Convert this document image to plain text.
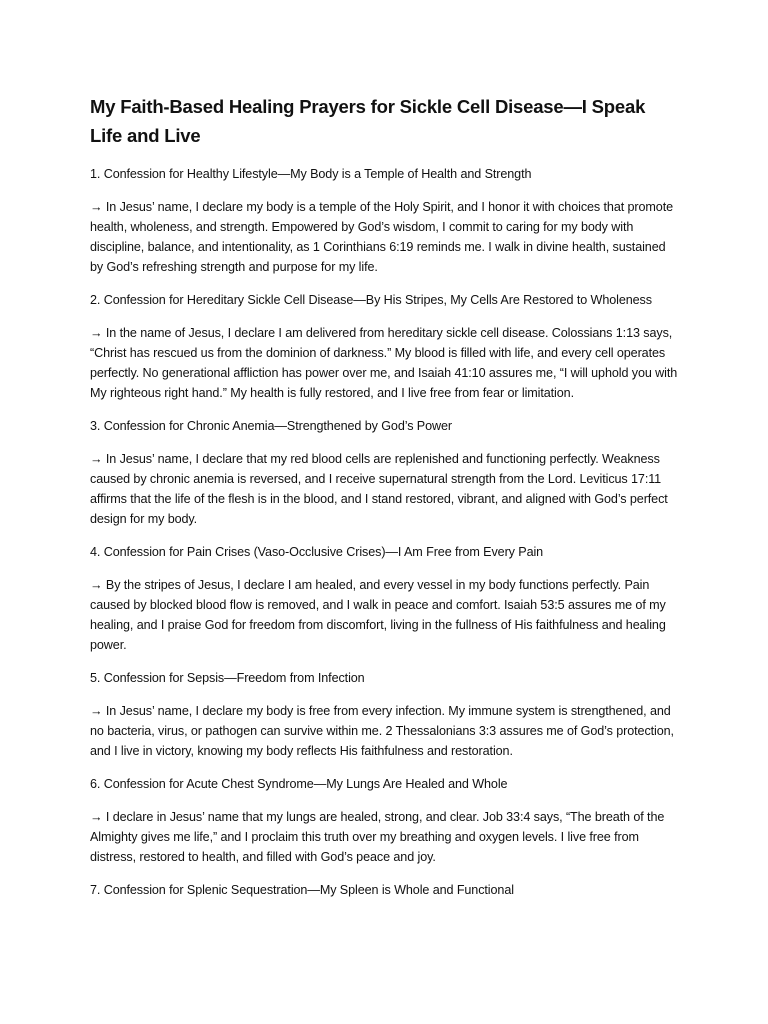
My Faith-Based Healing Prayers for Sickle Cell Disease—I Speak Life and Live

1. Confession for Healthy Lifestyle—My Body is a Temple of Health and Strength

→ In Jesus’ name, I declare my body is a temple of the Holy Spirit, and I honor it with choices that promote health, wholeness, and strength. Empowered by God’s wisdom, I commit to caring for my body with discipline, balance, and intentionality, as 1 Corinthians 6:19 reminds me. I walk in divine health, sustained by God’s refreshing strength and purpose for my life.

2. Confession for Hereditary Sickle Cell Disease—By His Stripes, My Cells Are Restored to Wholeness

→ In the name of Jesus, I declare I am delivered from hereditary sickle cell disease. Colossians 1:13 says, “Christ has rescued us from the dominion of darkness.” My blood is filled with life, and every cell operates perfectly. No generational affliction has power over me, and Isaiah 41:10 assures me, “I will uphold you with My righteous right hand.” My health is fully restored, and I live free from fear or limitation.

3. Confession for Chronic Anemia—Strengthened by God’s Power

→ In Jesus’ name, I declare that my red blood cells are replenished and functioning perfectly. Weakness caused by chronic anemia is reversed, and I receive supernatural strength from the Lord. Leviticus 17:11 affirms that the life of the flesh is in the blood, and I stand restored, vibrant, and aligned with God’s perfect design for my body.

4. Confession for Pain Crises (Vaso-Occlusive Crises)—I Am Free from Every Pain

→ By the stripes of Jesus, I declare I am healed, and every vessel in my body functions perfectly. Pain caused by blocked blood flow is removed, and I walk in peace and comfort. Isaiah 53:5 assures me of my healing, and I praise God for freedom from discomfort, living in the fullness of His faithfulness and healing power.

5. Confession for Sepsis—Freedom from Infection

→ In Jesus’ name, I declare my body is free from every infection. My immune system is strengthened, and no bacteria, virus, or pathogen can survive within me. 2 Thessalonians 3:3 assures me of God’s protection, and I live in victory, knowing my body reflects His faithfulness and restoration.

6. Confession for Acute Chest Syndrome—My Lungs Are Healed and Whole

→ I declare in Jesus’ name that my lungs are healed, strong, and clear. Job 33:4 says, “The breath of the Almighty gives me life,” and I proclaim this truth over my breathing and oxygen levels. I live free from distress, restored to health, and filled with God’s peace and joy.

7. Confession for Splenic Sequestration—My Spleen is Whole and Functional
